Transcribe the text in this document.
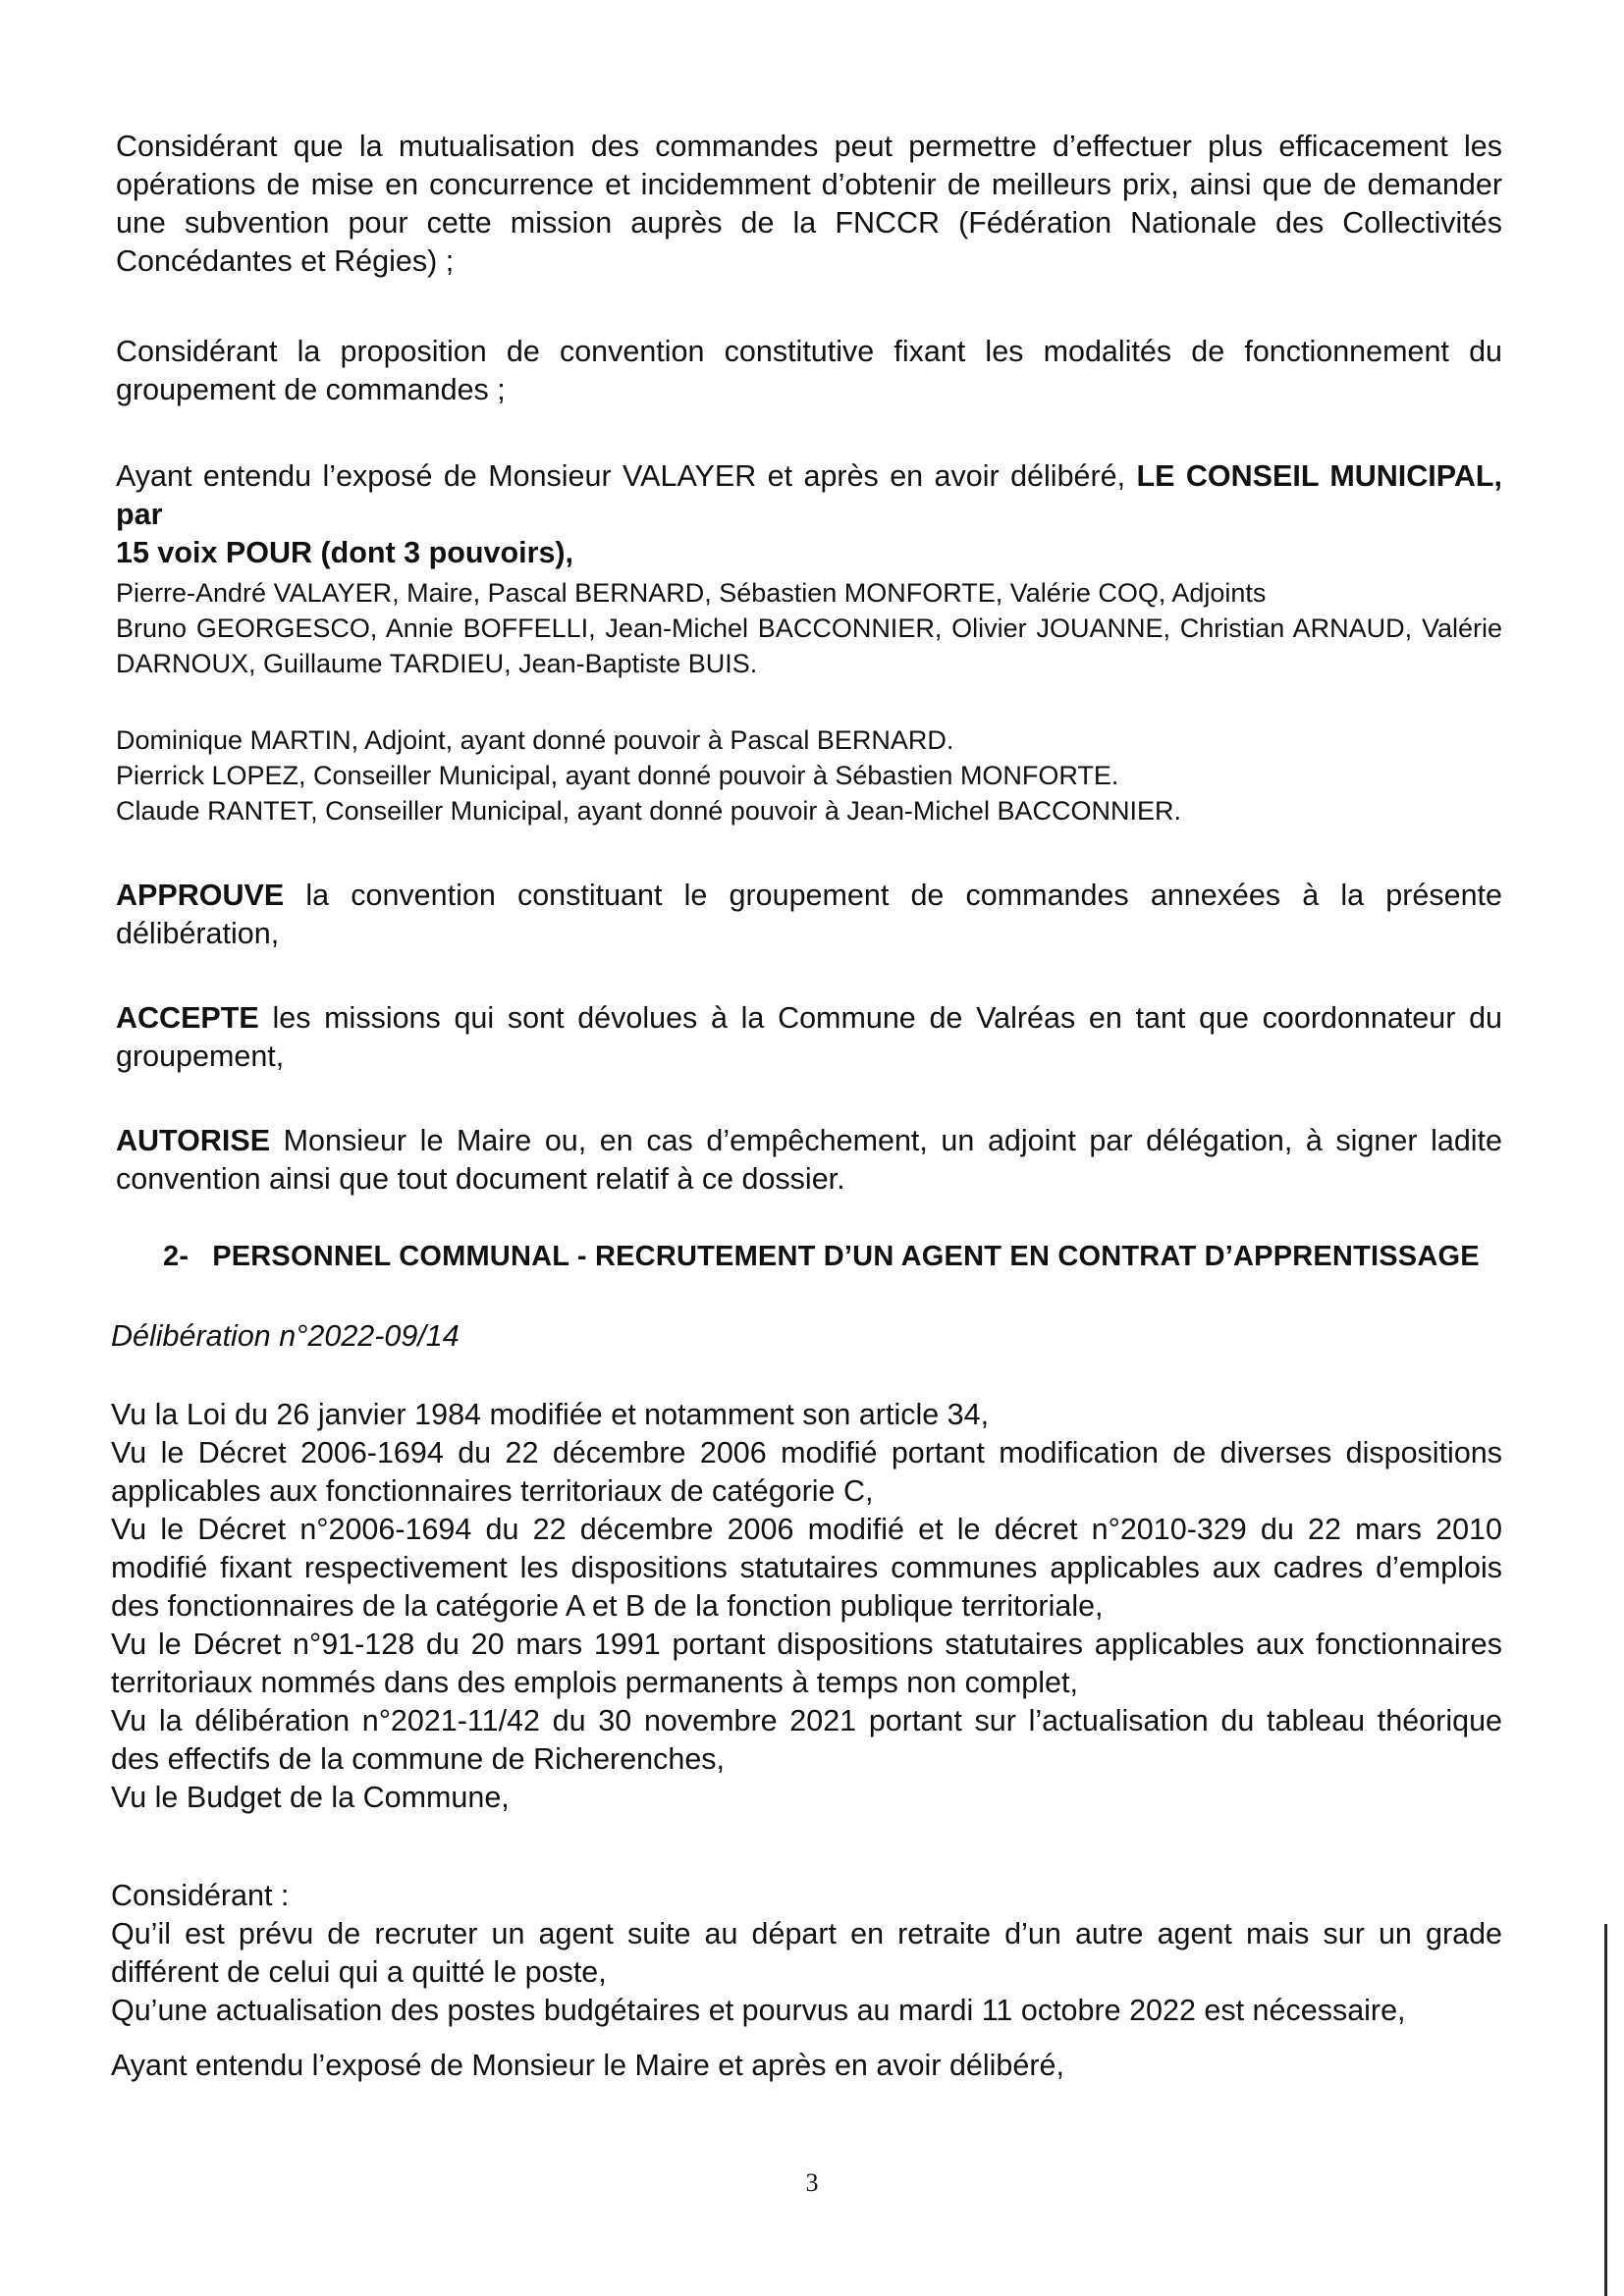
Considérant que la mutualisation des commandes peut permettre d’effectuer plus efficacement les
opérations de mise en concurrence et incidemment d’obtenir de meilleurs prix, ainsi que de demander
une subvention pour cette mission auprès de la FNCCR (Fédération Nationale des Collectivités
Concédantes et Régies) ;
Considérant la proposition de convention constitutive fixant les modalités de fonctionnement du
groupement de commandes ;
Ayant entendu l’exposé de Monsieur VALAYER et après en avoir délibéré, LE CONSEIL MUNICIPAL, par
15 voix POUR (dont 3 pouvoirs),
Pierre-André VALAYER, Maire, Pascal BERNARD, Sébastien MONFORTE, Valérie COQ, Adjoints
Bruno GEORGESCO, Annie BOFFELLI, Jean-Michel BACCONNIER, Olivier JOUANNE, Christian ARNAUD, Valérie
DARNOUX, Guillaume TARDIEU, Jean-Baptiste BUIS.
Dominique MARTIN, Adjoint, ayant donné pouvoir à Pascal BERNARD.
Pierrick LOPEZ, Conseiller Municipal, ayant donné pouvoir à Sébastien MONFORTE.
Claude RANTET, Conseiller Municipal, ayant donné pouvoir à Jean-Michel BACCONNIER.
APPROUVE la convention constituant le groupement de commandes annexées à la présente
délibération,
ACCEPTE les missions qui sont dévolues à la Commune de Valréas en tant que coordonnateur du
groupement,
AUTORISE Monsieur le Maire ou, en cas d’empêchement, un adjoint par délégation, à signer ladite
convention ainsi que tout document relatif à ce dossier.
2- PERSONNEL COMMUNAL - RECRUTEMENT D’UN AGENT EN CONTRAT D’APPRENTISSAGE
Délibération n°2022-09/14
Vu la Loi du 26 janvier 1984 modifiée et notamment son article 34,
Vu le Décret 2006-1694 du 22 décembre 2006 modifié portant modification de diverses dispositions
applicables aux fonctionnaires territoriaux de catégorie C,
Vu le Décret n°2006-1694 du 22 décembre 2006 modifié et le décret n°2010-329 du 22 mars 2010
modifié fixant respectivement les dispositions statutaires communes applicables aux cadres d’emplois
des fonctionnaires de la catégorie A et B de la fonction publique territoriale,
Vu le Décret n°91-128 du 20 mars 1991 portant dispositions statutaires applicables aux fonctionnaires
territoriaux nommés dans des emplois permanents à temps non complet,
Vu la délibération n°2021-11/42 du 30 novembre 2021 portant sur l’actualisation du tableau théorique
des effectifs de la commune de Richerenches,
Vu le Budget de la Commune,
Considérant :
Qu’il est prévu de recruter un agent suite au départ en retraite d’un autre agent mais sur un grade
différent de celui qui a quitté le poste,
Qu’une actualisation des postes budgétaires et pourvus au mardi 11 octobre 2022 est nécessaire,
Ayant entendu l’exposé de Monsieur le Maire et après en avoir délibéré,
3
